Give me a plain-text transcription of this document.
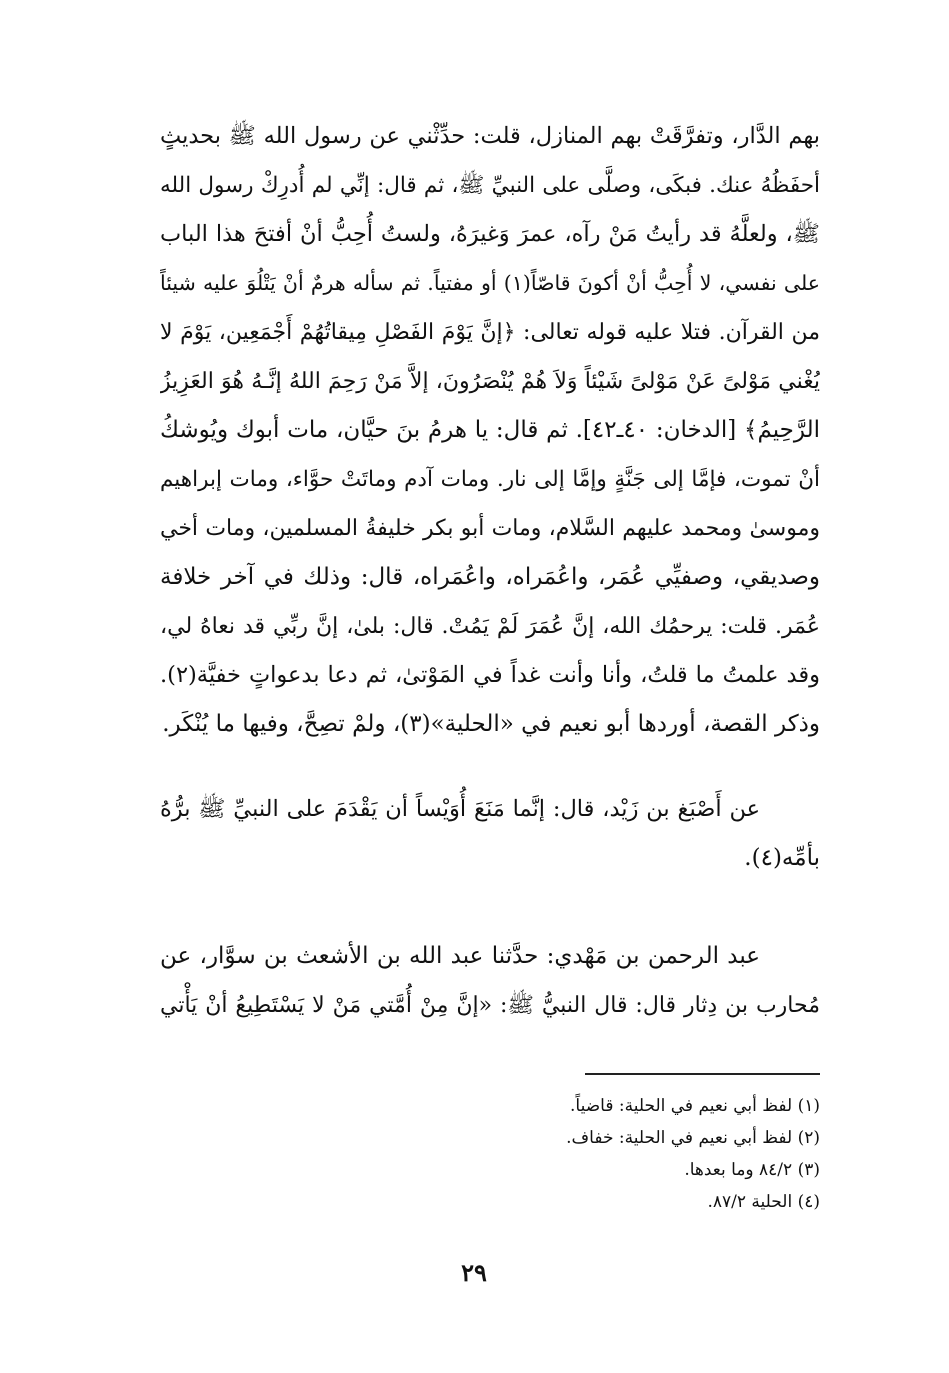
بهم الدَّار، وتفرَّقَتْ بهم المنازل، قلت: حدِّثْني عن رسول الله ﷺ بحديثٍ
أحفَظُهُ عنك. فبكَى، وصلَّى على النبيِّ ﷺ، ثم قال: إنِّي لم أُدرِكْ رسول الله
ﷺ، ولعلَّهُ قد رأيتُ مَنْ رآه، عمرَ وَغيرَهُ، ولستُ أُحِبُّ أنْ أفتحَ هذا الباب
على نفسي، لا أُحِبُّ أنْ أكونَ قاصّاً(١) أو مفتياً. ثم سأله هرمٌ أنْ يَتْلُوَ عليه شيئاً
من القرآن. فتلا عليه قوله تعالى: ﴿إنَّ يَوْمَ الفَصْلِ مِيقاتُهُمْ أَجْمَعِين، يَوْمَ لا
يُغْني مَوْلىً عَنْ مَوْلىً شَيْئاً وَلاَ هُمْ يُنْصَرُونَ، إلاَّ مَنْ رَحِمَ اللهُ إنَّـهُ هُوَ العَزِيزُ
الرَّحِيمُ﴾ [الدخان: ٤٠ـ٤٢]. ثم قال: يا هرمُ بنَ حيَّان، مات أبوك ويُوشكُ
أنْ تموت، فإمَّا إلى جَنَّةٍ وإمَّا إلى نار. ومات آدم وماتَتْ حوَّاء، ومات إبراهيم
وموسىٰ ومحمد عليهم السَّلام، ومات أبو بكر خليفةُ المسلمين، ومات أخي
وصديقي، وصفيِّي عُمَر، واعُمَراه، واعُمَراه، قال: وذلك في آخر خلافة
عُمَر. قلت: يرحمُك الله، إنَّ عُمَرَ لَمْ يَمُتْ. قال: بلىٰ، إنَّ ربِّي قد نعاهُ لي،
وقد علمتُ ما قلتُ، وأنا وأنت غداً في المَوْتىٰ، ثم دعا بدعواتٍ خفيَّة(٢).
وذكر القصة، أوردها أبو نعيم في «الحلية»(٣)، ولمْ تصِحَّ، وفيها ما يُنْكَر.
عن أَصْبَغ بن زَيْد، قال: إنَّما مَنَعَ أُوَيْساً أن يَقْدَمَ على النبيِّ ﷺ برُّهُ
بأمِّه(٤).
عبد الرحمن بن مَهْدي: حدَّثنا عبد الله بن الأشعث بن سوَّار، عن
مُحارب بن دِثار قال: قال النبيُّ ﷺ: «إنَّ مِنْ أُمَّتي مَنْ لا يَسْتَطِيعُ أنْ يَأْتي
(١) لفظ أبي نعيم في الحلية: قاضياً.
(٢) لفظ أبي نعيم في الحلية: خفاف.
(٣) ٨٤/٢ وما بعدها.
(٤) الحلية ٨٧/٢.
٢٩
